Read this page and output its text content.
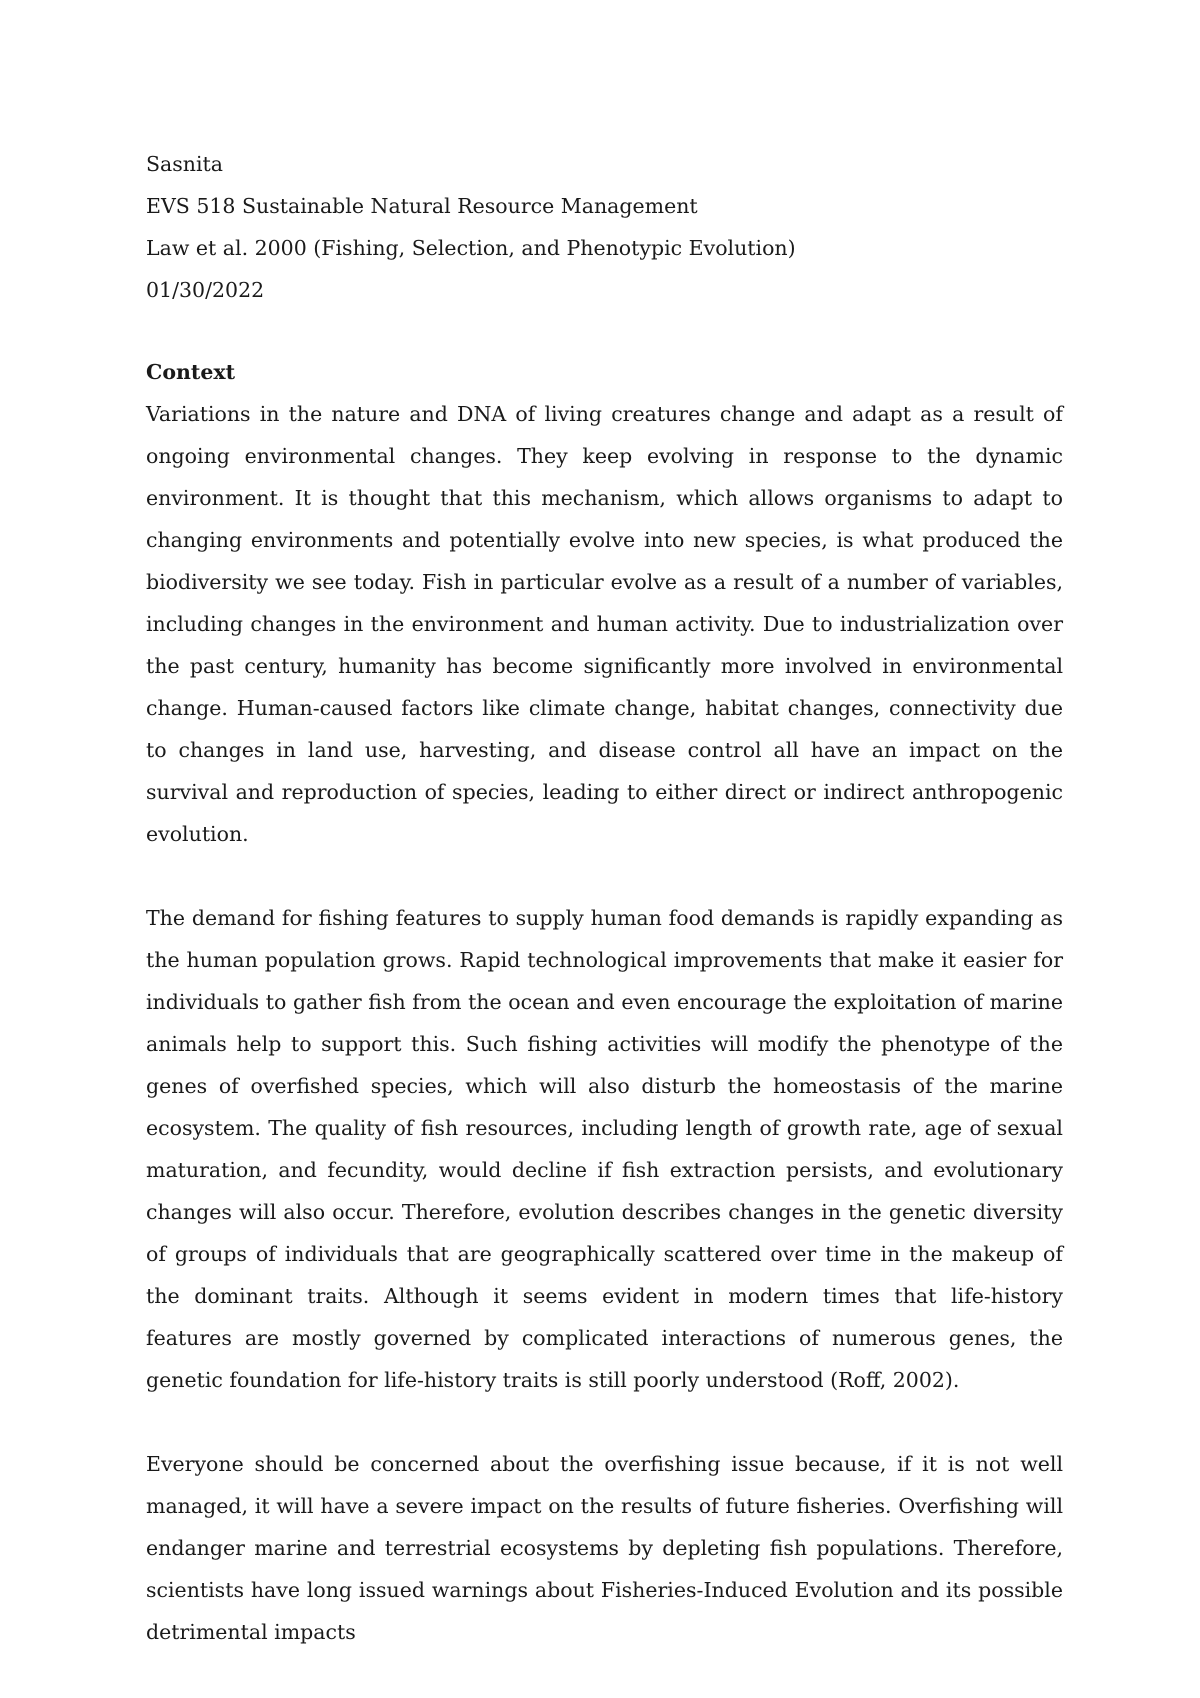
Sasnita
EVS 518 Sustainable Natural Resource Management
Law et al. 2000 (Fishing, Selection, and Phenotypic Evolution)
01/30/2022
Context

Variations in the nature and DNA of living creatures change and adapt as a result of ongoing environmental changes. They keep evolving in response to the dynamic environment. It is thought that this mechanism, which allows organisms to adapt to changing environments and potentially evolve into new species, is what produced the biodiversity we see today. Fish in particular evolve as a result of a number of variables, including changes in the environment and human activity. Due to industrialization over the past century, humanity has become significantly more involved in environmental change. Human-caused factors like climate change, habitat changes, connectivity due to changes in land use, harvesting, and disease control all have an impact on the survival and reproduction of species, leading to either direct or indirect anthropogenic evolution.

The demand for fishing features to supply human food demands is rapidly expanding as the human population grows. Rapid technological improvements that make it easier for individuals to gather fish from the ocean and even encourage the exploitation of marine animals help to support this. Such fishing activities will modify the phenotype of the genes of overfished species, which will also disturb the homeostasis of the marine ecosystem. The quality of fish resources, including length of growth rate, age of sexual maturation, and fecundity, would decline if fish extraction persists, and evolutionary changes will also occur. Therefore, evolution describes changes in the genetic diversity of groups of individuals that are geographically scattered over time in the makeup of the dominant traits. Although it seems evident in modern times that life-history features are mostly governed by complicated interactions of numerous genes, the genetic foundation for life-history traits is still poorly understood (Roff, 2002).

Everyone should be concerned about the overfishing issue because, if it is not well managed, it will have a severe impact on the results of future fisheries. Overfishing will endanger marine and terrestrial ecosystems by depleting fish populations. Therefore, scientists have long issued warnings about Fisheries-Induced Evolution and its possible detrimental impacts
